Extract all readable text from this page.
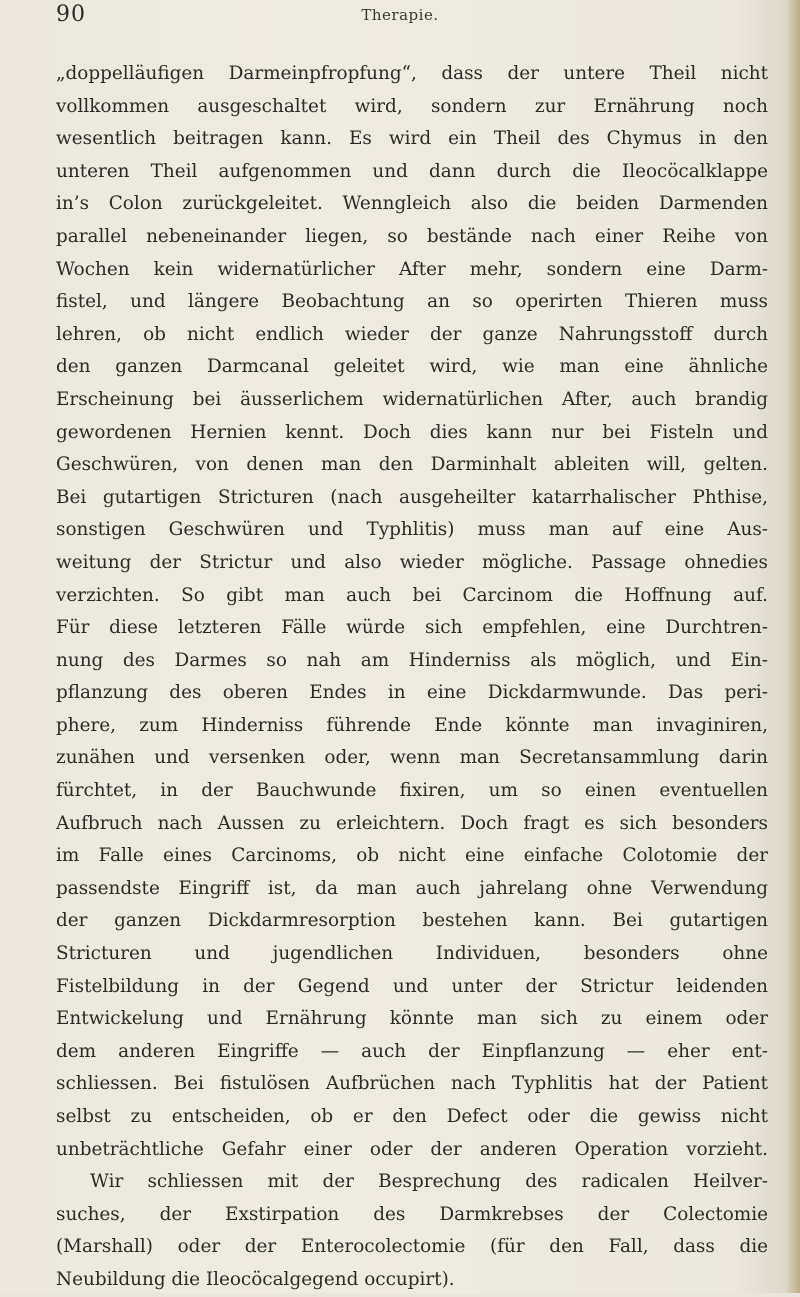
90	Therapie.
„doppelläufigen Darmeinpfropfung“, dass der untere Theil nicht
vollkommen ausgeschaltet wird, sondern zur Ernährung noch
wesentlich beitragen kann. Es wird ein Theil des Chymus in den
unteren Theil aufgenommen und dann durch die Ileocöcalklappe
in’s Colon zurückgeleitet. Wenngleich also die beiden Darmenden
parallel nebeneinander liegen, so bestände nach einer Reihe von
Wochen kein widernatürlicher After mehr, sondern eine Darm-
fistel, und längere Beobachtung an so operirten Thieren muss
lehren, ob nicht endlich wieder der ganze Nahrungsstoff durch
den ganzen Darmcanal geleitet wird, wie man eine ähnliche
Erscheinung bei äusserlichem widernatürlichen After, auch brandig
gewordenen Hernien kennt. Doch dies kann nur bei Fisteln und
Geschwüren, von denen man den Darminhalt ableiten will, gelten.
Bei gutartigen Stricturen (nach ausgeheilter katarrhalischer Phthise,
sonstigen Geschwüren und Typhlitis) muss man auf eine Aus-
weitung der Strictur und also wieder mögliche. Passage ohnedies
verzichten. So gibt man auch bei Carcinom die Hoffnung auf.
Für diese letzteren Fälle würde sich empfehlen, eine Durchtren-
nung des Darmes so nah am Hinderniss als möglich, und Ein-
pflanzung des oberen Endes in eine Dickdarmwunde. Das peri-
phere, zum Hinderniss führende Ende könnte man invaginiren,
zunähen und versenken oder, wenn man Secretansammlung darin
fürchtet, in der Bauchwunde fixiren, um so einen eventuellen
Aufbruch nach Aussen zu erleichtern. Doch fragt es sich besonders
im Falle eines Carcinoms, ob nicht eine einfache Colotomie der
passendste Eingriff ist, da man auch jahrelang ohne Verwendung
der ganzen Dickdarmresorption bestehen kann. Bei gutartigen
Stricturen und jugendlichen Individuen, besonders ohne
Fistelbildung in der Gegend und unter der Strictur leidenden
Entwickelung und Ernährung könnte man sich zu einem oder
dem anderen Eingriffe — auch der Einpflanzung — eher ent-
schliessen. Bei fistulösen Aufbrüchen nach Typhlitis hat der Patient
selbst zu entscheiden, ob er den Defect oder die gewiss nicht
unbeträchtliche Gefahr einer oder der anderen Operation vorzieht.
Wir schliessen mit der Besprechung des radicalen Heilver-
suches, der Exstirpation des Darmkrebses der Colectomie
(Marshall) oder der Enterocolectomie (für den Fall, dass die
Neubildung die Ileocöcalgegend occupirt).
